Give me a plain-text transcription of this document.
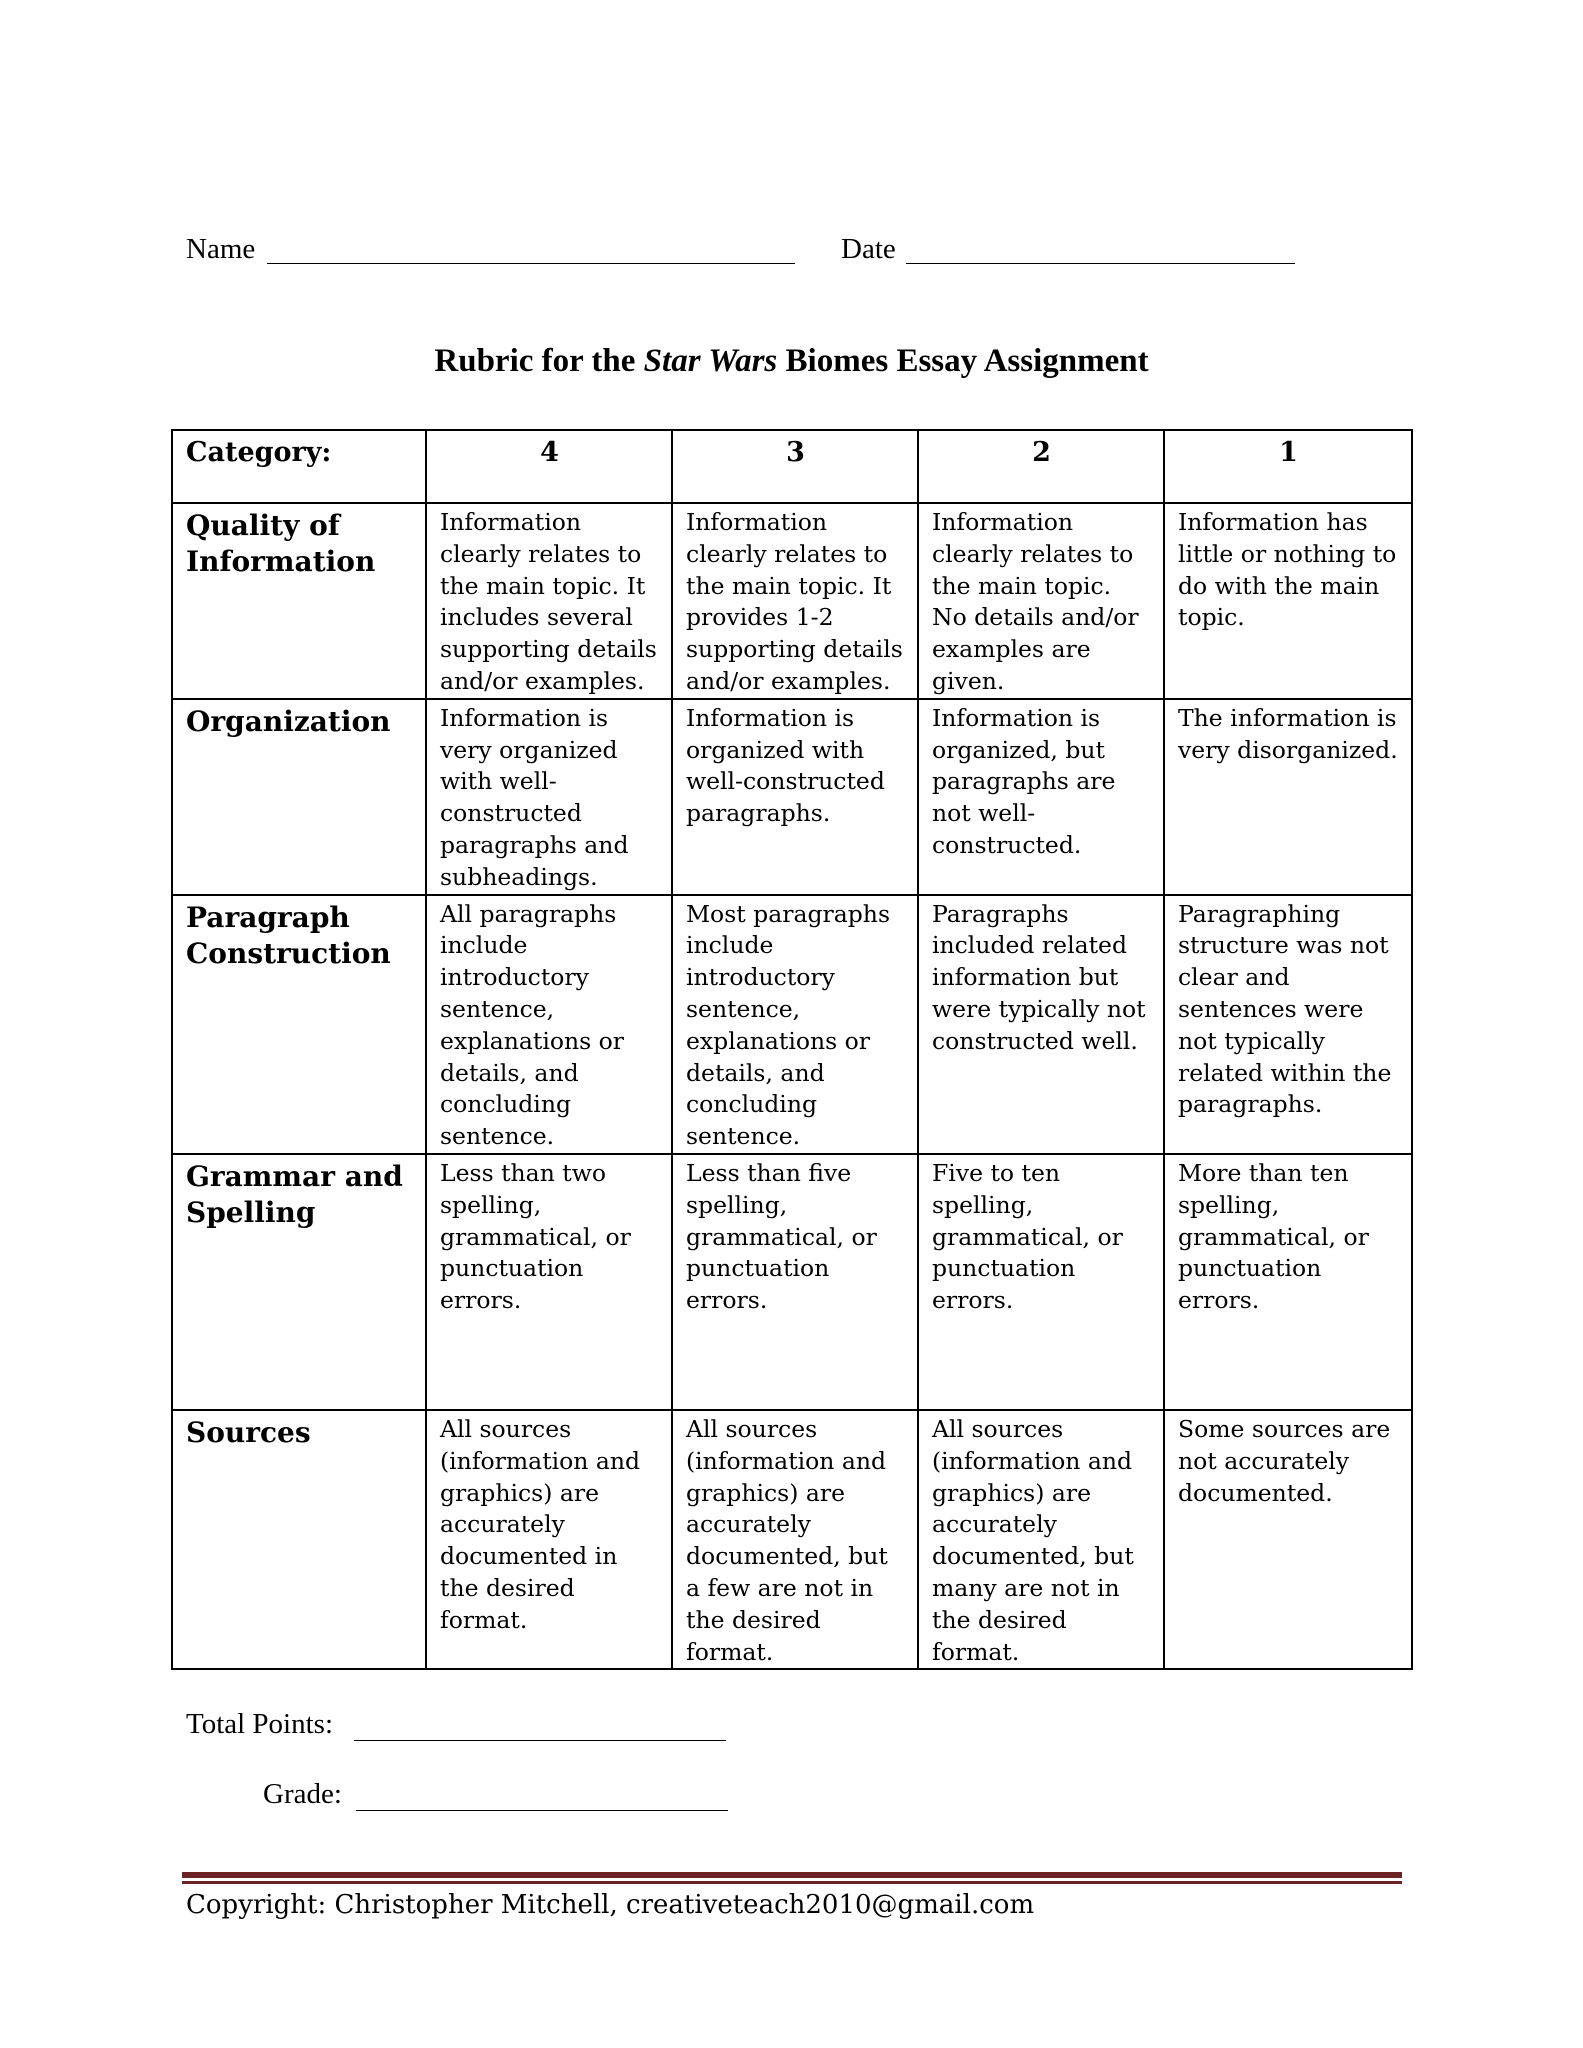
Name	Date
Rubric for the Star Wars Biomes Essay Assignment
Category:	4	3	2	1
Quality of Information	Information clearly relates to the main topic. It includes several supporting details and/or examples.	Information clearly relates to the main topic. It provides 1-2 supporting details and/or examples.	Information clearly relates to the main topic. No details and/or examples are given.	Information has little or nothing to do with the main topic.
Organization	Information is very organized with well-constructed paragraphs and subheadings.	Information is organized with well-constructed paragraphs.	Information is organized, but paragraphs are not well-constructed.	The information is very disorganized.
Paragraph Construction	All paragraphs include introductory sentence, explanations or details, and concluding sentence.	Most paragraphs include introductory sentence, explanations or details, and concluding sentence.	Paragraphs included related information but were typically not constructed well.	Paragraphing structure was not clear and sentences were not typically related within the paragraphs.
Grammar and Spelling	Less than two spelling, grammatical, or punctuation errors.	Less than five spelling, grammatical, or punctuation errors.	Five to ten spelling, grammatical, or punctuation errors.	More than ten spelling, grammatical, or punctuation errors.
Sources	All sources (information and graphics) are accurately documented in the desired format.	All sources (information and graphics) are accurately documented, but a few are not in the desired format.	All sources (information and graphics) are accurately documented, but many are not in the desired format.	Some sources are not accurately documented.
Total Points:
Grade:
Copyright: Christopher Mitchell, creativeteach2010@gmail.com
